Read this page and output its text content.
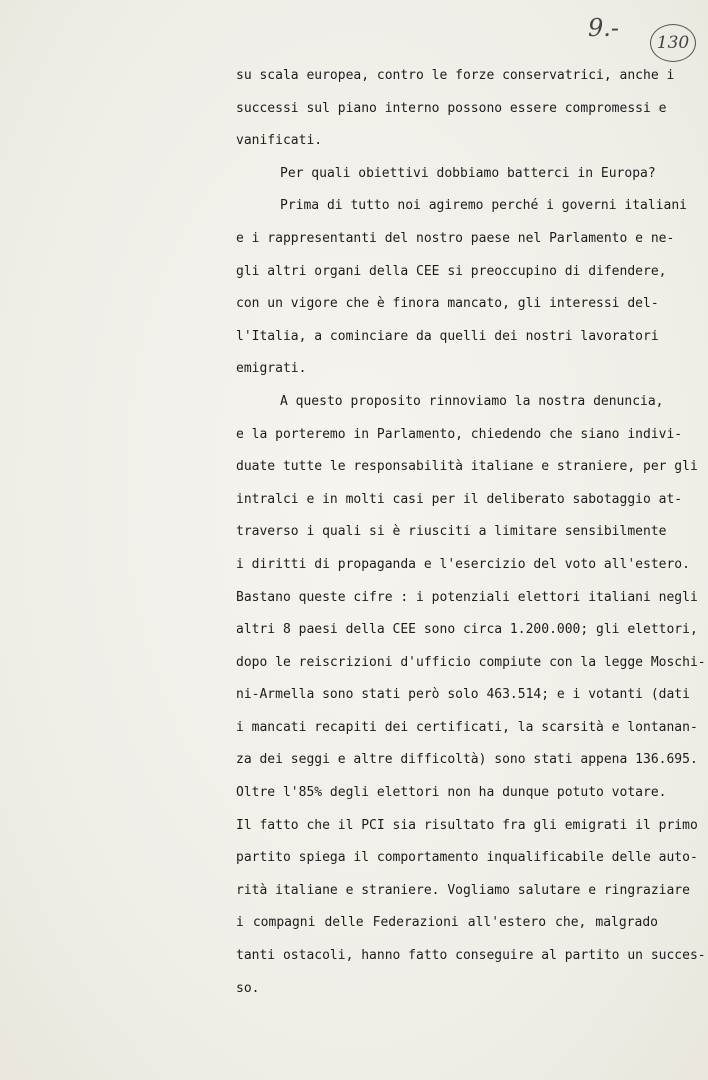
9.-
130
su scala europea, contro le forze conservatrici, anche i
successi sul piano interno possono essere compromessi e
vanificati.
Per quali obiettivi dobbiamo batterci in Europa?
Prima di tutto noi agiremo perché i governi italiani
e i rappresentanti del nostro paese nel Parlamento e ne-
gli altri organi della CEE si preoccupino di difendere,
con un vigore che è finora mancato, gli interessi del-
l'Italia, a cominciare da quelli dei nostri lavoratori
emigrati.
A questo proposito rinnoviamo la nostra denuncia,
e la porteremo in Parlamento, chiedendo che siano indivi-
duate tutte le responsabilità italiane e straniere, per gli
intralci e in molti casi per il deliberato sabotaggio at-
traverso i quali si è riusciti a limitare sensibilmente
i diritti di propaganda e l'esercizio del voto all'estero.
Bastano queste cifre : i potenziali elettori italiani negli
altri 8 paesi della CEE sono circa 1.200.000; gli elettori,
dopo le reiscrizioni d'ufficio compiute con la legge Moschi-
ni-Armella sono stati però solo 463.514; e i votanti (dati
i mancati recapiti dei certificati, la scarsità e lontanan-
za dei seggi e altre difficoltà) sono stati appena 136.695.
Oltre l'85% degli elettori non ha dunque potuto votare.
Il fatto che il PCI sia risultato fra gli emigrati il primo
partito spiega il comportamento inqualificabile delle auto-
rità italiane e straniere. Vogliamo salutare e ringraziare
i compagni delle Federazioni all'estero che, malgrado
tanti ostacoli, hanno fatto conseguire al partito un succes-
so.
